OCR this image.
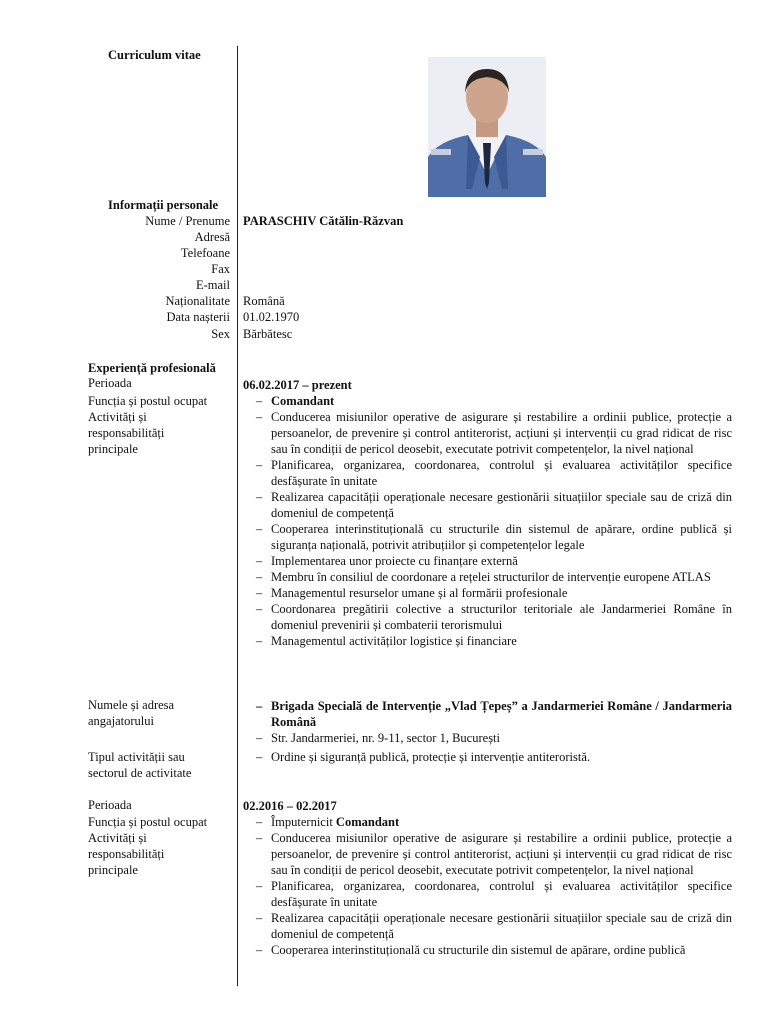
Curriculum vitae
Informații personale
Nume / Prenume PARASCHIV Cătălin-Răzvan
Adresă
Telefoane
Fax
E-mail
Naționalitate Română
Data nașterii 01.02.1970
Sex Bărbătesc
Experiență profesională
Perioada	06.02.2017 – prezent
Funcția și postul ocupat
Activități și
responsabilități
principale
– Comandant
– Conducerea misiunilor operative de asigurare și restabilire a ordinii publice, protecție a persoanelor, de prevenire și control antiterorist, acțiuni și intervenții cu grad ridicat de risc sau în condiții de pericol deosebit, executate potrivit competențelor, la nivel național
– Planificarea, organizarea, coordonarea, controlul și evaluarea activităților specifice desfășurate în unitate
– Realizarea capacității operaționale necesare gestionării situațiilor speciale sau de criză din domeniul de competență
– Cooperarea interinstituțională cu structurile din sistemul de apărare, ordine publică și siguranța națională, potrivit atribuțiilor și competențelor legale
– Implementarea unor proiecte cu finanțare externă
– Membru în consiliul de coordonare a rețelei structurilor de intervenție europene ATLAS
– Managementul resurselor umane și al formării profesionale
– Coordonarea pregătirii colective a structurilor teritoriale ale Jandarmeriei Române în domeniul prevenirii și combaterii terorismului
– Managementul activităților logistice și financiare
Numele și adresa
angajatorului
– Brigada Specială de Intervenție „Vlad Țepeș” a Jandarmeriei Române / Jandarmeria Română
– Str. Jandarmeriei, nr. 9-11, sector 1, București
Tipul activității sau
sectorul de activitate
– Ordine și siguranță publică, protecție și intervenție antiteroristă.
Perioada	02.2016 – 02.2017
Funcția și postul ocupat
Activități și
responsabilități
principale
– Împuternicit Comandant
– Conducerea misiunilor operative de asigurare și restabilire a ordinii publice, protecție a persoanelor, de prevenire și control antiterorist, acțiuni și intervenții cu grad ridicat de risc sau în condiții de pericol deosebit, executate potrivit competențelor, la nivel național
– Planificarea, organizarea, coordonarea, controlul și evaluarea activităților specifice desfășurate în unitate
– Realizarea capacității operaționale necesare gestionării situațiilor speciale sau de criză din domeniul de competență
– Cooperarea interinstituțională cu structurile din sistemul de apărare, ordine publică
